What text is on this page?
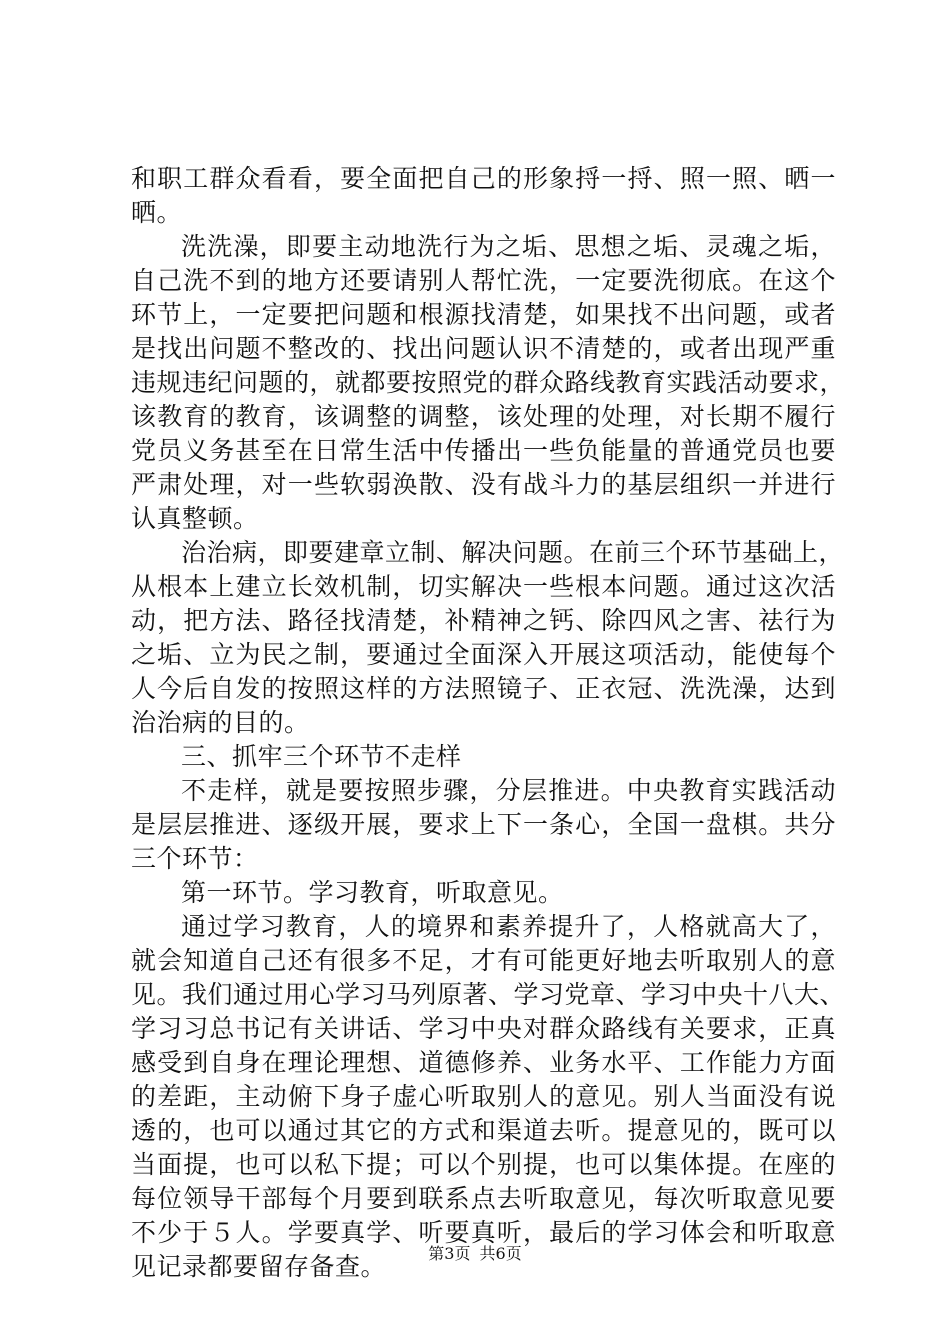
和职工群众看看，要全面把自己的形象捋一捋、照一照、晒一
晒。
洗洗澡，即要主动地洗行为之垢、思想之垢、灵魂之垢，
自己洗不到的地方还要请别人帮忙洗，一定要洗彻底。在这个
环节上，一定要把问题和根源找清楚，如果找不出问题，或者
是找出问题不整改的、找出问题认识不清楚的，或者出现严重
违规违纪问题的，就都要按照党的群众路线教育实践活动要求，
该教育的教育，该调整的调整，该处理的处理，对长期不履行
党员义务甚至在日常生活中传播出一些负能量的普通党员也要
严肃处理，对一些软弱涣散、没有战斗力的基层组织一并进行
认真整顿。
治治病，即要建章立制、解决问题。在前三个环节基础上，
从根本上建立长效机制，切实解决一些根本问题。通过这次活
动，把方法、路径找清楚，补精神之钙、除四风之害、祛行为
之垢、立为民之制，要通过全面深入开展这项活动，能使每个
人今后自发的按照这样的方法照镜子、正衣冠、洗洗澡，达到
治治病的目的。
三、抓牢三个环节不走样
不走样，就是要按照步骤，分层推进。中央教育实践活动
是层层推进、逐级开展，要求上下一条心，全国一盘棋。共分
三个环节：
第一环节。学习教育，听取意见。
通过学习教育，人的境界和素养提升了，人格就高大了，
就会知道自己还有很多不足，才有可能更好地去听取别人的意
见。我们通过用心学习马列原著、学习党章、学习中央十八大、
学习习总书记有关讲话、学习中央对群众路线有关要求，正真
感受到自身在理论理想、道德修养、业务水平、工作能力方面
的差距，主动俯下身子虚心听取别人的意见。别人当面没有说
透的，也可以通过其它的方式和渠道去听。提意见的，既可以
当面提，也可以私下提；可以个别提，也可以集体提。在座的
每位领导干部每个月要到联系点去听取意见，每次听取意见要
不少于５人。学要真学、听要真听，最后的学习体会和听取意
见记录都要留存备查。	第3页 共6页
